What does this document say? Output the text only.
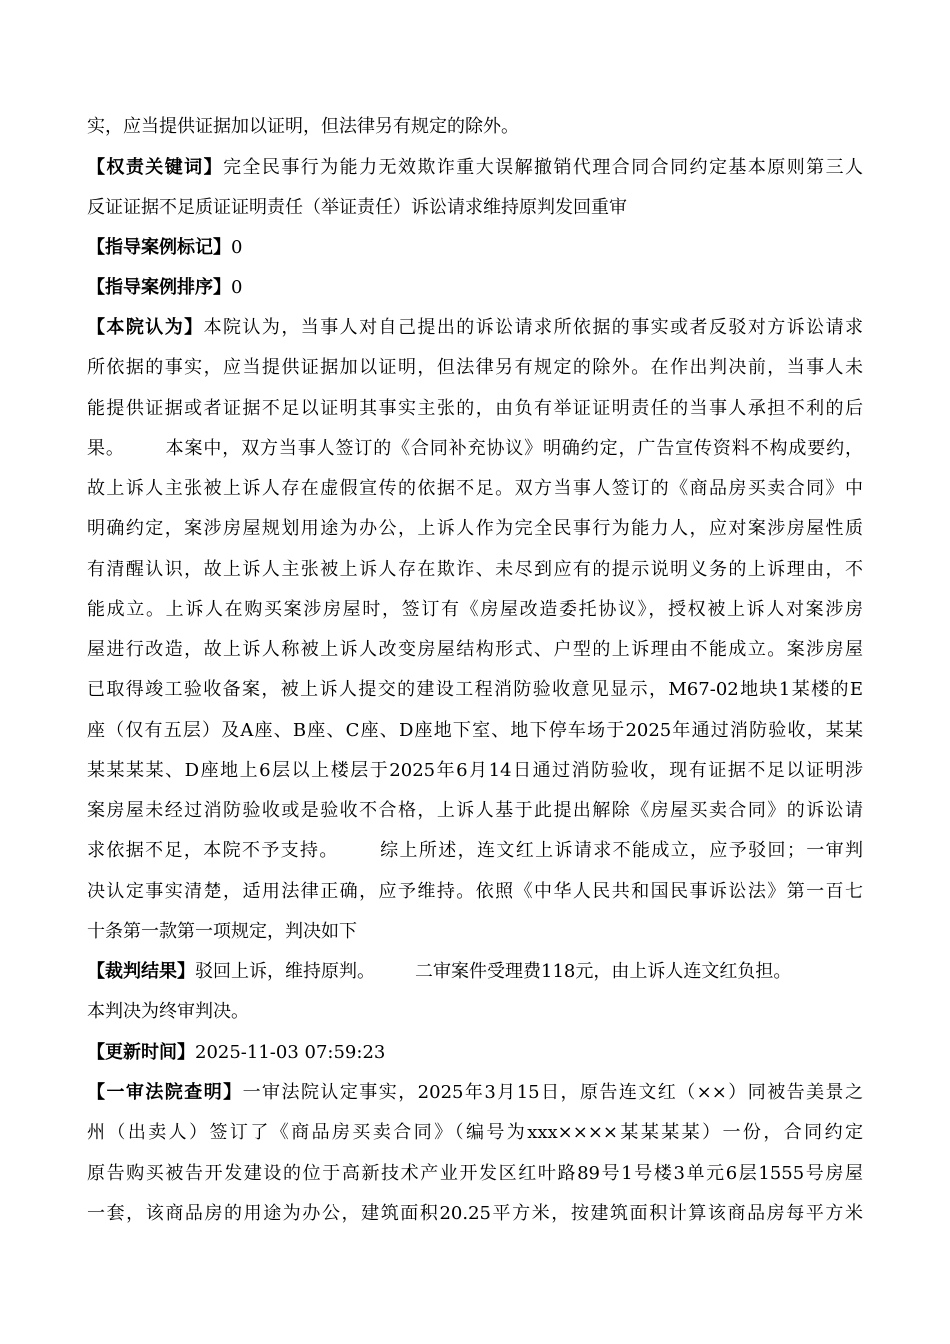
实，应当提供证据加以证明，但法律另有规定的除外。
【权责关键词】完全民事行为能力无效欺诈重大误解撤销代理合同合同约定基本原则第三人
反证证据不足质证证明责任（举证责任）诉讼请求维持原判发回重审
【指导案例标记】0
【指导案例排序】0
【本院认为】本院认为，当事人对自己提出的诉讼请求所依据的事实或者反驳对方诉讼请求
所依据的事实，应当提供证据加以证明，但法律另有规定的除外。在作出判决前，当事人未
能提供证据或者证据不足以证明其事实主张的，由负有举证证明责任的当事人承担不利的后
果。 本案中，双方当事人签订的《合同补充协议》明确约定，广告宣传资料不构成要约，
故上诉人主张被上诉人存在虚假宣传的依据不足。双方当事人签订的《商品房买卖合同》中
明确约定，案涉房屋规划用途为办公，上诉人作为完全民事行为能力人，应对案涉房屋性质
有清醒认识，故上诉人主张被上诉人存在欺诈、未尽到应有的提示说明义务的上诉理由，不
能成立。上诉人在购买案涉房屋时，签订有《房屋改造委托协议》，授权被上诉人对案涉房
屋进行改造，故上诉人称被上诉人改变房屋结构形式、户型的上诉理由不能成立。案涉房屋
已取得竣工验收备案，被上诉人提交的建设工程消防验收意见显示，M67-02地块1某楼的E
座（仅有五层）及A座、B座、C座、D座地下室、地下停车场于2025年通过消防验收，某某
某某某某、D座地上6层以上楼层于2025年6月14日通过消防验收，现有证据不足以证明涉
案房屋未经过消防验收或是验收不合格，上诉人基于此提出解除《房屋买卖合同》的诉讼请
求依据不足，本院不予支持。 综上所述，连文红上诉请求不能成立，应予驳回；一审判
决认定事实清楚，适用法律正确，应予维持。依照《中华人民共和国民事诉讼法》第一百七
十条第一款第一项规定，判决如下
【裁判结果】驳回上诉，维持原判。 二审案件受理费118元，由上诉人连文红负担。
本判决为终审判决。
【更新时间】2025-11-03 07:59:23
【一审法院查明】一审法院认定事实，2025年3月15日，原告连文红（××）同被告美景之
州（出卖人）签订了《商品房买卖合同》（编号为xxx××××某某某某）一份，合同约定
原告购买被告开发建设的位于高新技术产业开发区红叶路89号1号楼3单元6层1555号房屋
一套，该商品房的用途为办公，建筑面积20.25平方米，按建筑面积计算该商品房每平方米
